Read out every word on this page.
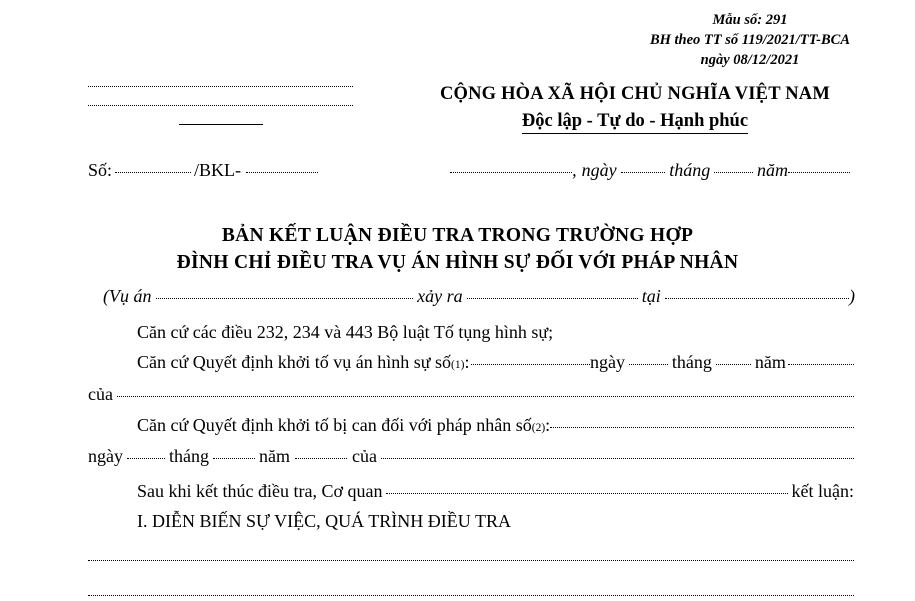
Mẫu số: 291
BH theo TT số 119/2021/TT-BCA
ngày 08/12/2021
CỘNG HÒA XÃ HỘI CHỦ NGHĨA VIỆT NAM
Độc lập - Tự do - Hạnh phúc
Số:	/BKL-	, ngày	tháng	năm
BẢN KẾT LUẬN ĐIỀU TRA TRONG TRƯỜNG HỢP
ĐÌNH CHỈ ĐIỀU TRA VỤ ÁN HÌNH SỰ ĐỐI VỚI PHÁP NHÂN
(Vụ án	xảy ra	tại	)
Căn cứ các điều 232, 234 và 443 Bộ luật Tố tụng hình sự;
Căn cứ Quyết định khởi tố vụ án hình sự số (1) :	ngày	tháng năm
của
Căn cứ Quyết định khởi tố bị can đối với pháp nhân số (2) :
ngày	tháng	năm	của
Sau khi kết thúc điều tra, Cơ quan	kết luận:
I. DIỄN BIẾN SỰ VIỆC, QUÁ TRÌNH ĐIỀU TRA
